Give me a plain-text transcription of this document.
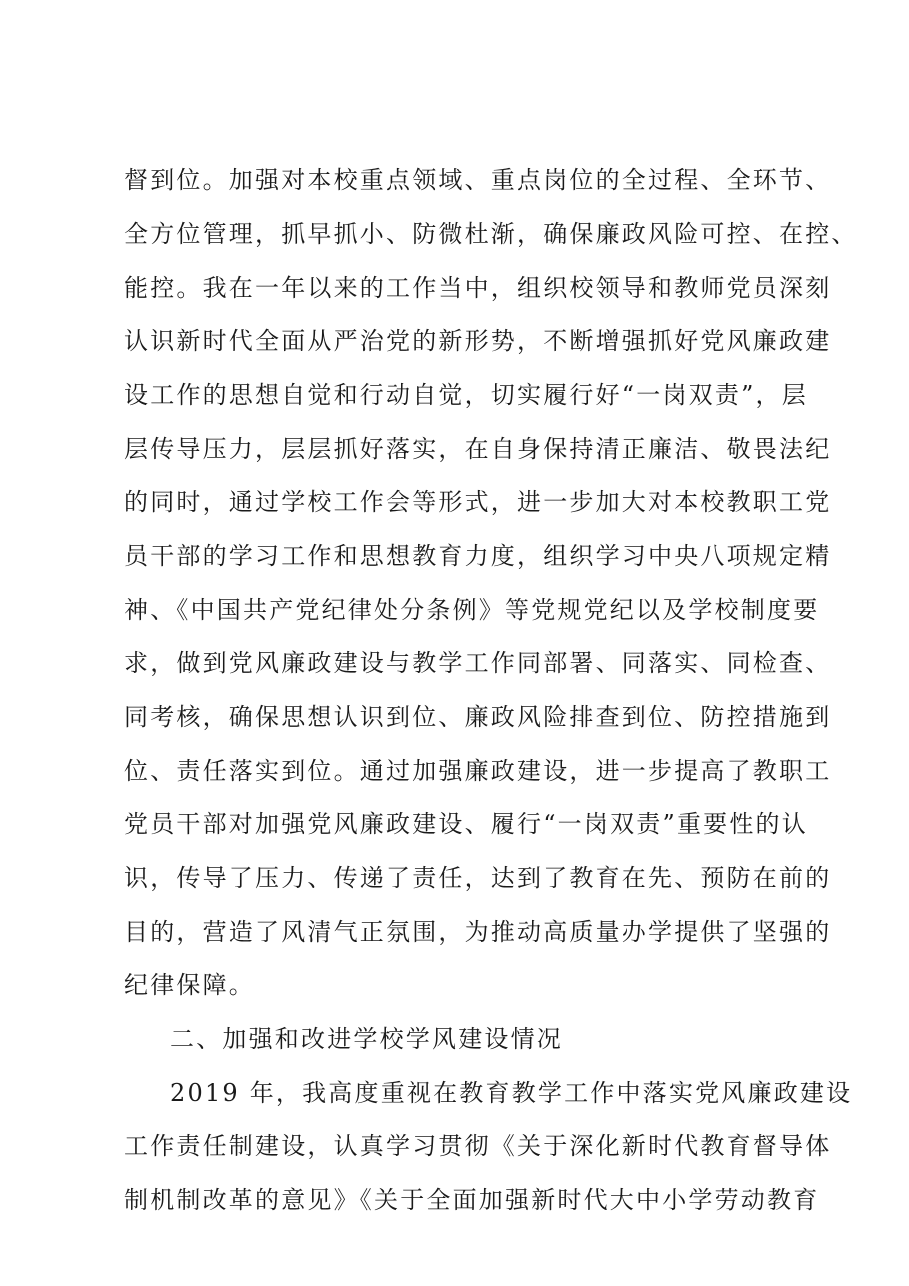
督到位。加强对本校重点领域、重点岗位的全过程、全环节、
全方位管理，抓早抓小、防微杜渐，确保廉政风险可控、在控、
能控。我在一年以来的工作当中，组织校领导和教师党员深刻
认识新时代全面从严治党的新形势，不断增强抓好党风廉政建
设工作的思想自觉和行动自觉，切实履行好“一岗双责”，层
层传导压力，层层抓好落实，在自身保持清正廉洁、敬畏法纪
的同时，通过学校工作会等形式，进一步加大对本校教职工党
员干部的学习工作和思想教育力度，组织学习中央八项规定精
神、《中国共产党纪律处分条例》等党规党纪以及学校制度要
求，做到党风廉政建设与教学工作同部署、同落实、同检查、
同考核，确保思想认识到位、廉政风险排查到位、防控措施到
位、责任落实到位。通过加强廉政建设，进一步提高了教职工
党员干部对加强党风廉政建设、履行“一岗双责”重要性的认
识，传导了压力、传递了责任，达到了教育在先、预防在前的
目的，营造了风清气正氛围，为推动高质量办学提供了坚强的
纪律保障。
二、加强和改进学校学风建设情况
2019 年，我高度重视在教育教学工作中落实党风廉政建设
工作责任制建设，认真学习贯彻《关于深化新时代教育督导体
制机制改革的意见》《关于全面加强新时代大中小学劳动教育
